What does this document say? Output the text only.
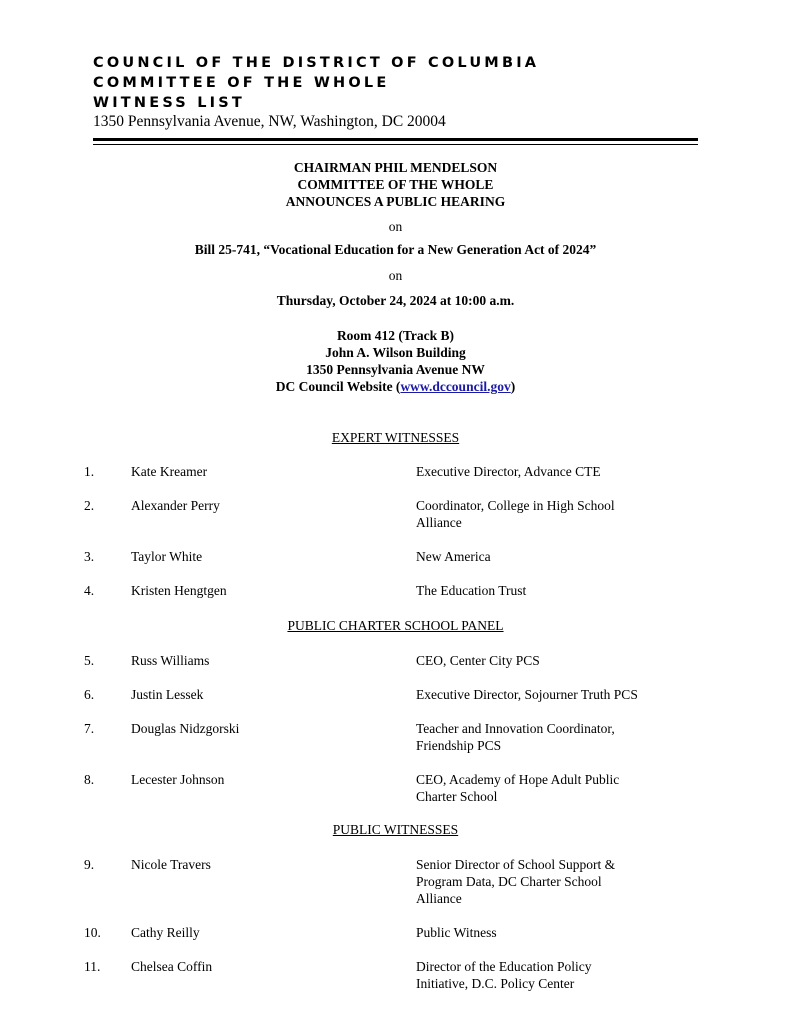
COUNCIL OF THE DISTRICT OF COLUMBIA
COMMITTEE OF THE WHOLE
WITNESS LIST
1350 Pennsylvania Avenue, NW, Washington, DC 20004
CHAIRMAN PHIL MENDELSON
COMMITTEE OF THE WHOLE
ANNOUNCES A PUBLIC HEARING
on
Bill 25-741, “Vocational Education for a New Generation Act of 2024”
on
Thursday, October 24, 2024 at 10:00 a.m.
Room 412 (Track B)
John A. Wilson Building
1350 Pennsylvania Avenue NW
DC Council Website (www.dccouncil.gov)
EXPERT WITNESSES
1.	Kate Kreamer	Executive Director, Advance CTE
2.	Alexander Perry	Coordinator, College in High School
Alliance
3.	Taylor White	New America
4.	Kristen Hengtgen	The Education Trust
PUBLIC CHARTER SCHOOL PANEL
5.	Russ Williams	CEO, Center City PCS
6.	Justin Lessek	Executive Director, Sojourner Truth PCS
7.	Douglas Nidzgorski	Teacher and Innovation Coordinator,
Friendship PCS
8.	Lecester Johnson	CEO, Academy of Hope Adult Public
Charter School
PUBLIC WITNESSES
9.	Nicole Travers	Senior Director of School Support &
Program Data, DC Charter School
Alliance
10. Cathy Reilly	Public Witness
11. Chelsea Coffin	Director of the Education Policy
Initiative, D.C. Policy Center
